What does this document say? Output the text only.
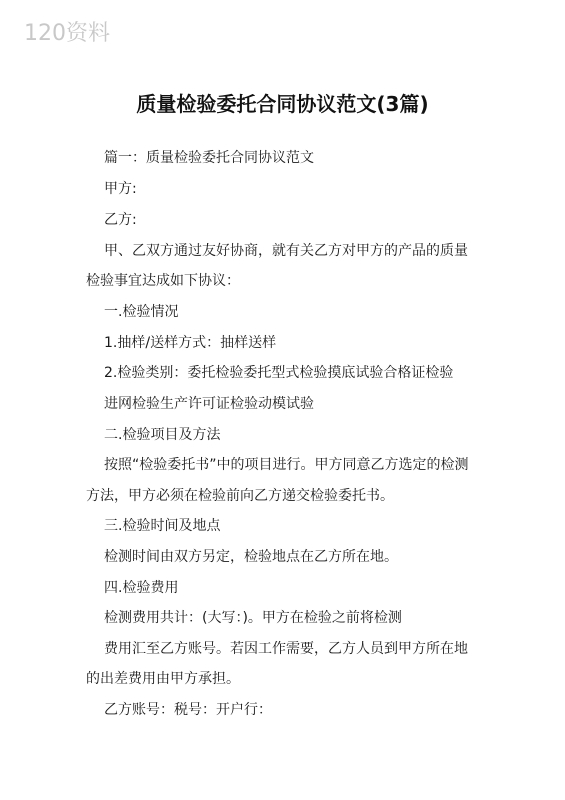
120资料
质量检验委托合同协议范文(3篇)
篇一：质量检验委托合同协议范文
甲方:
乙方:
甲、乙双方通过友好协商，就有关乙方对甲方的产品的质量
检验事宜达成如下协议：
一.检验情况
1.抽样/送样方式：抽样送样
2.检验类别：委托检验委托型式检验摸底试验合格证检验
进网检验生产许可证检验动模试验
二.检验项目及方法
按照“检验委托书”中的项目进行。甲方同意乙方选定的检测
方法，甲方必须在检验前向乙方递交检验委托书。
三.检验时间及地点
检测时间由双方另定，检验地点在乙方所在地。
四.检验费用
检测费用共计：(大写：)。甲方在检验之前将检测
费用汇至乙方账号。若因工作需要，乙方人员到甲方所在地
的出差费用由甲方承担。
乙方账号：税号：开户行：
